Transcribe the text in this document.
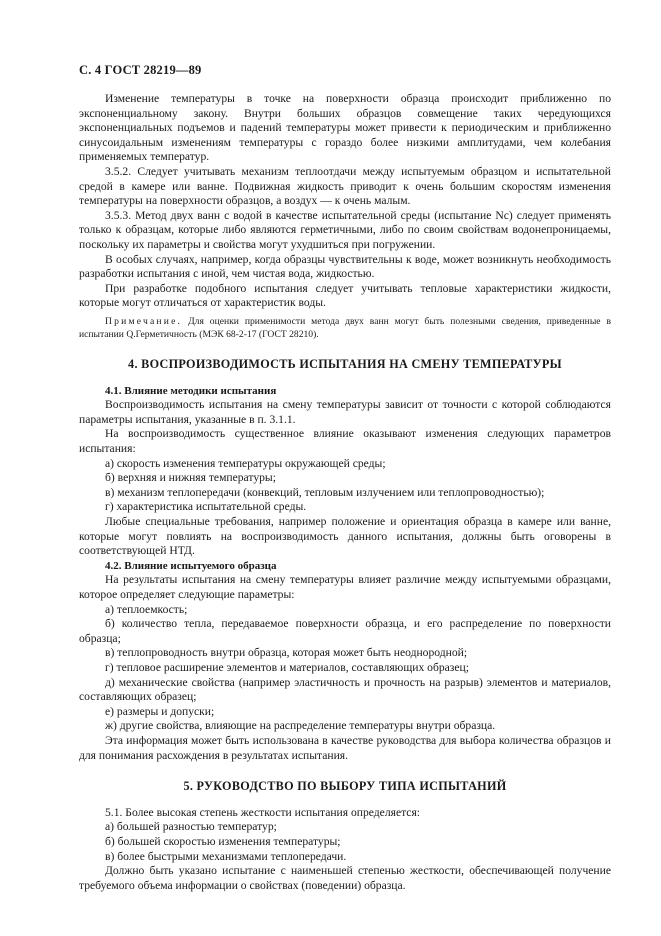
С. 4 ГОСТ 28219—89

Изменение температуры в точке на поверхности образца происходит приближенно по экспоненциальному закону. Внутри больших образцов совмещение таких чередующихся экспоненциальных подъемов и падений температуры может привести к периодическим и приближенно синусоидальным изменениям температуры с гораздо более низкими амплитудами, чем колебания применяемых температур.

3.5.2. Следует учитывать механизм теплоотдачи между испытуемым образцом и испытательной средой в камере или ванне. Подвижная жидкость приводит к очень большим скоростям изменения температуры на поверхности образцов, а воздух — к очень малым.

3.5.3. Метод двух ванн с водой в качестве испытательной среды (испытание Nc) следует применять только к образцам, которые либо являются герметичными, либо по своим свойствам водонепроницаемы, поскольку их параметры и свойства могут ухудшиться при погружении.

В особых случаях, например, когда образцы чувствительны к воде, может возникнуть необходимость разработки испытания с иной, чем чистая вода, жидкостью.

При разработке подобного испытания следует учитывать тепловые характеристики жидкости, которые могут отличаться от характеристик воды.

Примечание. Для оценки применимости метода двух ванн могут быть полезными сведения, приведенные в испытании Q.Герметичность (МЭК 68-2-17 (ГОСТ 28210).

4. ВОСПРОИЗВОДИМОСТЬ ИСПЫТАНИЯ НА СМЕНУ ТЕМПЕРАТУРЫ

4.1. Влияние методики испытания

Воспроизводимость испытания на смену температуры зависит от точности с которой соблюдаются параметры испытания, указанные в п. 3.1.1.

На воспроизводимость существенное влияние оказывают изменения следующих параметров испытания:

а) скорость изменения температуры окружающей среды;

б) верхняя и нижняя температуры;

в) механизм теплопередачи (конвекций, тепловым излучением или теплопроводностью);

г) характеристика испытательной среды.

Любые специальные требования, например положение и ориентация образца в камере или ванне, которые могут повлиять на воспроизводимость данного испытания, должны быть оговорены в соответствующей НТД.

4.2. Влияние испытуемого образца

На результаты испытания на смену температуры влияет различие между испытуемыми образцами, которое определяет следующие параметры:

а) теплоемкость;

б) количество тепла, передаваемое поверхности образца, и его распределение по поверхности образца;

в) теплопроводность внутри образца, которая может быть неоднородной;

г) тепловое расширение элементов и материалов, составляющих образец;

д) механические свойства (например эластичность и прочность на разрыв) элементов и материалов, составляющих образец;

е) размеры и допуски;

ж) другие свойства, влияющие на распределение температуры внутри образца.

Эта информация может быть использована в качестве руководства для выбора количества образцов и для понимания расхождения в результатах испытания.

5. РУКОВОДСТВО ПО ВЫБОРУ ТИПА ИСПЫТАНИЙ

5.1. Более высокая степень жесткости испытания определяется:

а) большей разностью температур;

б) большей скоростью изменения температуры;

в) более быстрыми механизмами теплопередачи.

Должно быть указано испытание с наименьшей степенью жесткости, обеспечивающей получение требуемого объема информации о свойствах (поведении) образца.
